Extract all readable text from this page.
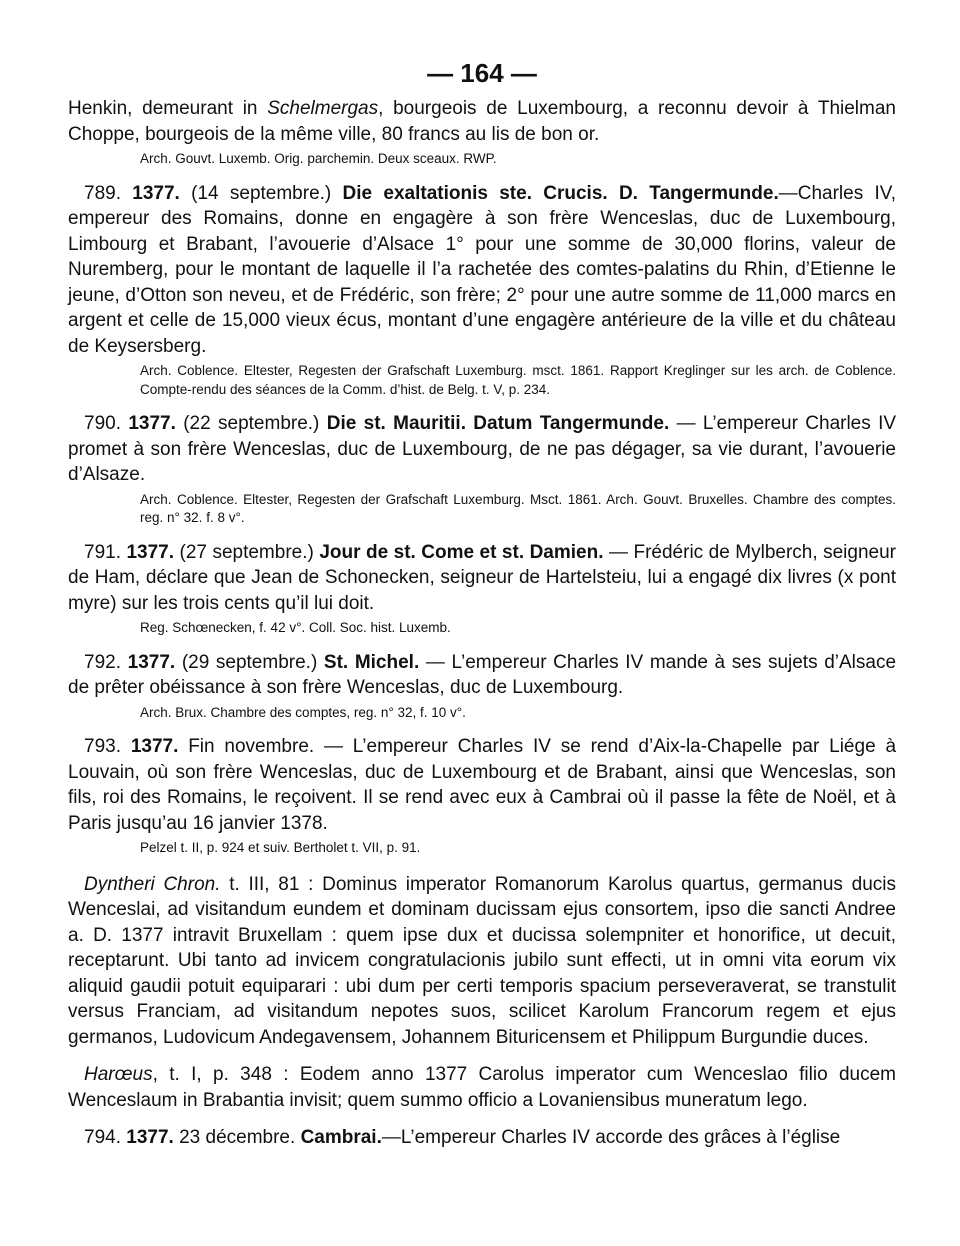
— 164 —

Henkin, demeurant in Schelmergas, bourgeois de Luxembourg, a reconnu devoir à Thielman Choppe, bourgeois de la même ville, 80 francs au lis de bon or.

Arch. Gouvt. Luxemb. Orig. parchemin. Deux sceaux. RWP.

789. 1377. (14 septembre.) Die exaltationis ste. Crucis. D. Tangermunde.—Charles IV, empereur des Romains, donne en engagère à son frère Wenceslas, duc de Luxembourg, Limbourg et Brabant, l’avouerie d’Alsace 1° pour une somme de 30,000 florins, valeur de Nuremberg, pour le montant de laquelle il l’a rachetée des comtes-palatins du Rhin, d’Etienne le jeune, d’Otton son neveu, et de Frédéric, son frère; 2° pour une autre somme de 11,000 marcs en argent et celle de 15,000 vieux écus, montant d’une engagère antérieure de la ville et du château de Keysersberg.

Arch. Coblence. Eltester, Regesten der Grafschaft Luxemburg. msct. 1861. Rapport Kreglinger sur les arch. de Coblence. Compte-rendu des séances de la Comm. d’hist. de Belg. t. V, p. 234.

790. 1377. (22 septembre.) Die st. Mauritii. Datum Tangermunde. — L’empereur Charles IV promet à son frère Wenceslas, duc de Luxembourg, de ne pas dégager, sa vie durant, l’avouerie d’Alsaze.

Arch. Coblence. Eltester, Regesten der Grafschaft Luxemburg. Msct. 1861. Arch. Gouvt. Bruxelles. Chambre des comptes. reg. n° 32. f. 8 v°.

791. 1377. (27 septembre.) Jour de st. Come et st. Damien. — Frédéric de Mylberch, seigneur de Ham, déclare que Jean de Schonecken, seigneur de Hartelsteiu, lui a engagé dix livres (x pont myre) sur les trois cents qu’il lui doit.

Reg. Schœnecken, f. 42 v°. Coll. Soc. hist. Luxemb.

792. 1377. (29 septembre.) St. Michel. — L’empereur Charles IV mande à ses sujets d’Alsace de prêter obéissance à son frère Wenceslas, duc de Luxembourg.

Arch. Brux. Chambre des comptes, reg. n° 32, f. 10 v°.

793. 1377. Fin novembre. — L’empereur Charles IV se rend d’Aix-la-Chapelle par Liége à Louvain, où son frère Wenceslas, duc de Luxembourg et de Brabant, ainsi que Wenceslas, son fils, roi des Romains, le reçoivent. Il se rend avec eux à Cambrai où il passe la fête de Noël, et à Paris jusqu’au 16 janvier 1378.

Pelzel t. II, p. 924 et suiv. Bertholet t. VII, p. 91.

Dyntheri Chron. t. III, 81 : Dominus imperator Romanorum Karolus quartus, germanus ducis Wenceslai, ad visitandum eundem et dominam ducissam ejus consortem, ipso die sancti Andree a. D. 1377 intravit Bruxellam : quem ipse dux et ducissa solempniter et honorifice, ut decuit, receptarunt. Ubi tanto ad invicem congratulacionis jubilo sunt effecti, ut in omni vita eorum vix aliquid gaudii potuit equiparari : ubi dum per certi temporis spacium perseveraverat, se transtulit versus Franciam, ad visitandum nepotes suos, scilicet Karolum Francorum regem et ejus germanos, Ludovicum Andegavensem, Johannem Bituricensem et Philippum Burgundie duces.

Harœus, t. I, p. 348 : Eodem anno 1377 Carolus imperator cum Wenceslao filio ducem Wenceslaum in Brabantia invisit; quem summo officio a Lovaniensibus muneratum lego.

794. 1377. 23 décembre. Cambrai.—L’empereur Charles IV accorde des grâces à l’église
